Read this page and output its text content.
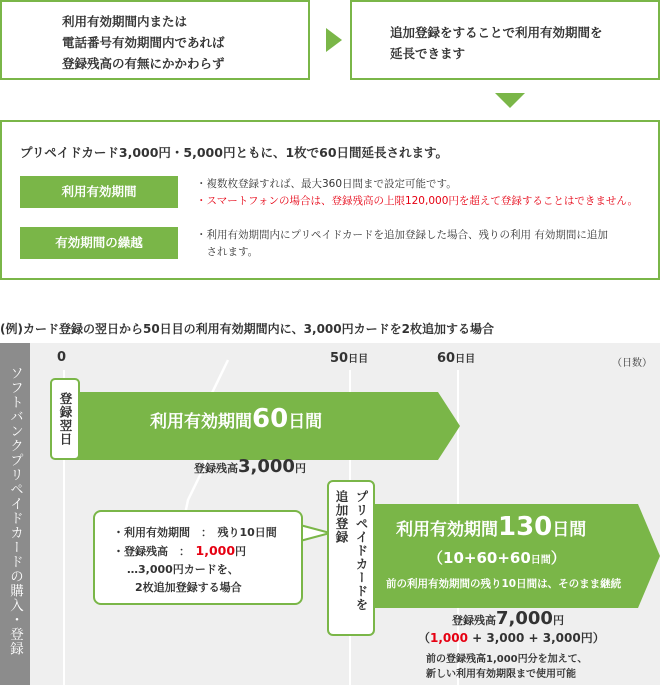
利用有効期間内または
電話番号有効期間内であれば
登録残高の有無にかかわらず
追加登録をすることで利用有効期間を
延長できます
プリペイドカード3,000円・5,000円ともに、1枚で60日間延長されます。
利用有効期間	・複数枚登録すれば、最大360日間まで設定可能です。
・スマートフォンの場合は、登録残高の上限120,000円を超えて登録することはできません。
有効期間の繰越	・利用有効期間内にプリペイドカードを追加登録した場合、残りの利用 有効期間に追加
　されます。
(例)カード登録の翌日から50日目の利用有効期間内に、3,000円カードを2枚追加する場合
ソフトバンクプリペイドカードの購入・登録
0	50日目	60日目	（日数）
登録翌日	利用有効期間60日間
登録残高3,000円
・利用有効期間　：　残り10日間
・登録残高　：　1,000円
…3,000円カードを、
2枚追加登録する場合	プリペイドカードを
追加登録	利用有効期間130日間
（10+60+60日間）
前の利用有効期間の残り10日間は、そのまま継続
登録残高7,000円
（1,000 + 3,000 + 3,000円）
前の登録残高1,000円分を加えて、
新しい利用有効期限まで使用可能
